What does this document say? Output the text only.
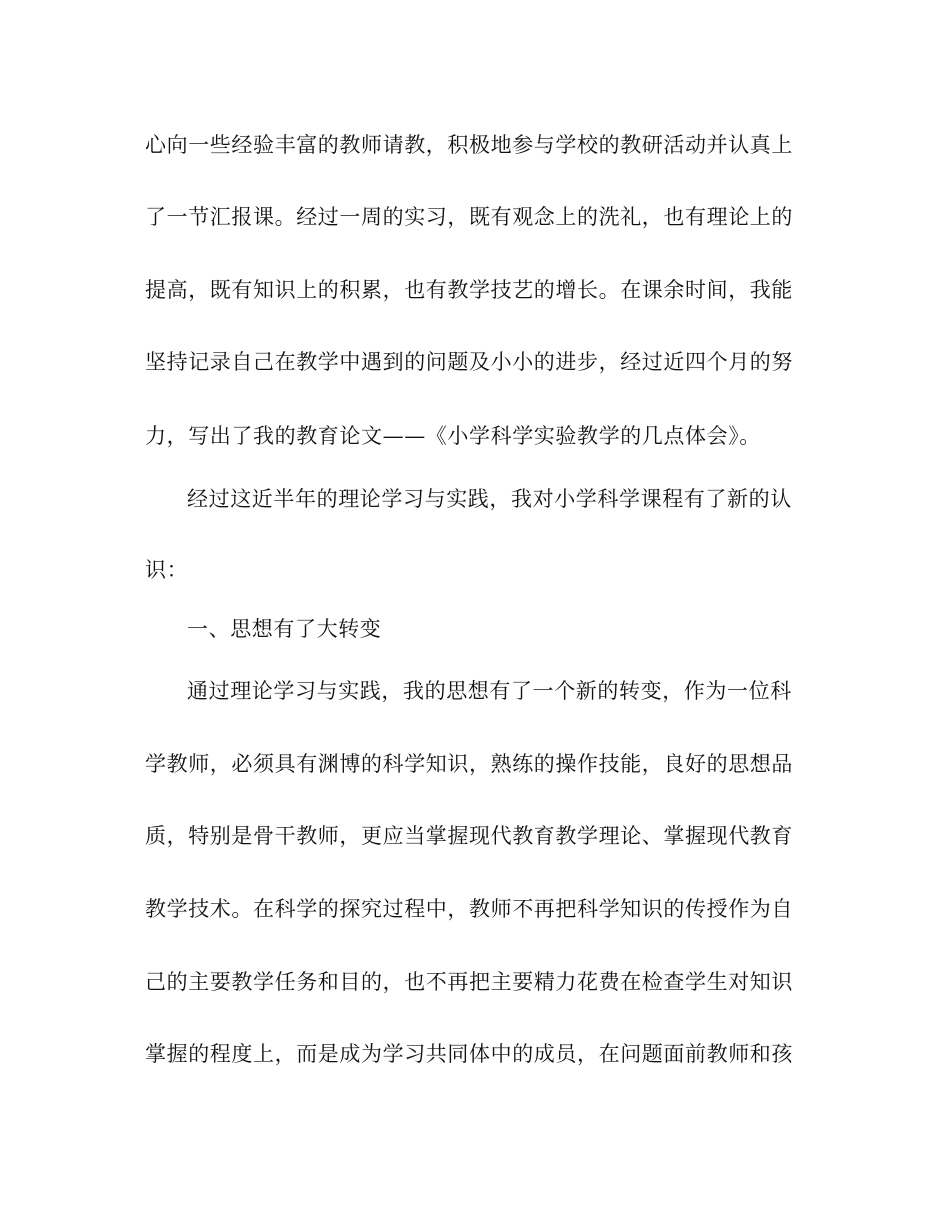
心向一些经验丰富的教师请教，积极地参与学校的教研活动并认真上
了一节汇报课。经过一周的实习，既有观念上的洗礼，也有理论上的
提高，既有知识上的积累，也有教学技艺的增长。在课余时间，我能
坚持记录自己在教学中遇到的问题及小小的进步，经过近四个月的努
力，写出了我的教育论文——《小学科学实验教学的几点体会》。
经过这近半年的理论学习与实践，我对小学科学课程有了新的认
识：
一、思想有了大转变
通过理论学习与实践，我的思想有了一个新的转变，作为一位科
学教师，必须具有渊博的科学知识，熟练的操作技能，良好的思想品
质，特别是骨干教师，更应当掌握现代教育教学理论、掌握现代教育
教学技术。在科学的探究过程中，教师不再把科学知识的传授作为自
己的主要教学任务和目的，也不再把主要精力花费在检查学生对知识
掌握的程度上，而是成为学习共同体中的成员，在问题面前教师和孩
